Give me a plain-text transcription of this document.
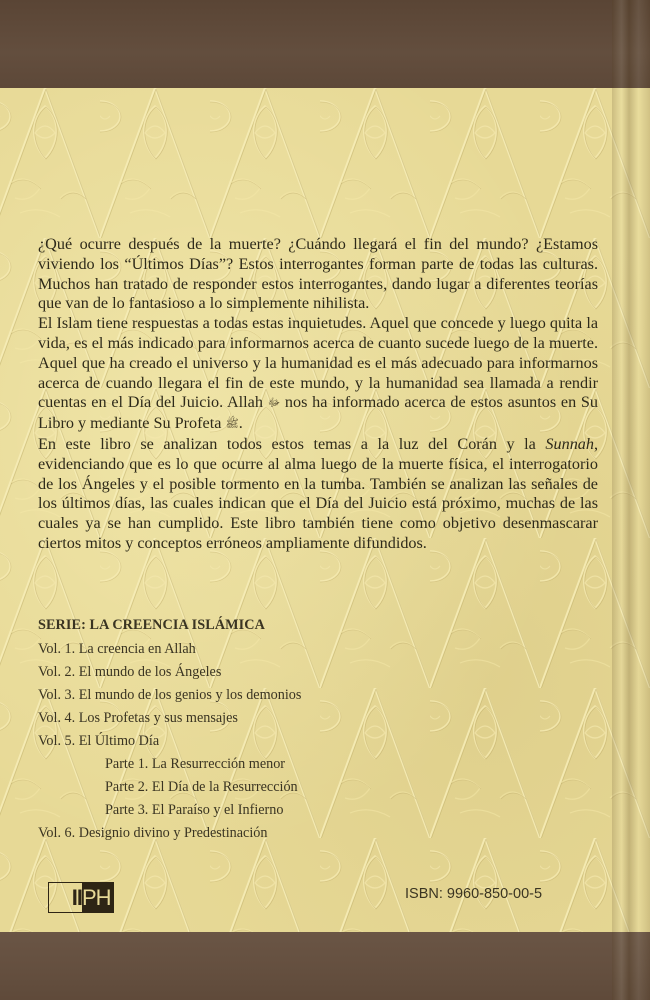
¿Qué ocurre después de la muerte? ¿Cuándo llegará el fin del mundo? ¿Estamos viviendo los “Últimos Días”? Estos interrogantes forman parte de todas las culturas. Muchos han tratado de responder estos interrogantes, dando lugar a diferentes teorías que van de lo fantasioso a lo simplemente nihilista.

El Islam tiene respuestas a todas estas inquietudes. Aquel que concede y luego quita la vida, es el más indicado para informarnos acerca de cuanto sucede luego de la muerte. Aquel que ha creado el universo y la humanidad es el más adecuado para informarnos acerca de cuando llegara el fin de este mundo, y la humanidad sea llamada a rendir cuentas en el Día del Juicio. Allah ﷻ nos ha informado acerca de estos asuntos en Su Libro y mediante Su Profeta ﷺ.

En este libro se analizan todos estos temas a la luz del Corán y la Sunnah, evidenciando que es lo que ocurre al alma luego de la muerte física, el interrogatorio de los Ángeles y el posible tormento en la tumba. También se analizan las señales de los últimos días, las cuales indican que el Día del Juicio está próximo, muchas de las cuales ya se han cumplido. Este libro también tiene como objetivo desenmascarar ciertos mitos y conceptos erróneos ampliamente difundidos.

SERIE: LA CREENCIA ISLÁMICA

Vol. 1. La creencia en Allah

Vol. 2. El mundo de los Ángeles

Vol. 3. El mundo de los genios y los demonios

Vol. 4. Los Profetas y sus mensajes

Vol. 5. El Último Día

Parte 1. La Resurrección menor

Parte 2. El Día de la Resurrección

Parte 3. El Paraíso y el Infierno

Vol. 6. Designio divino y Predestinación

II PH	ISBN: 9960-850-00-5
